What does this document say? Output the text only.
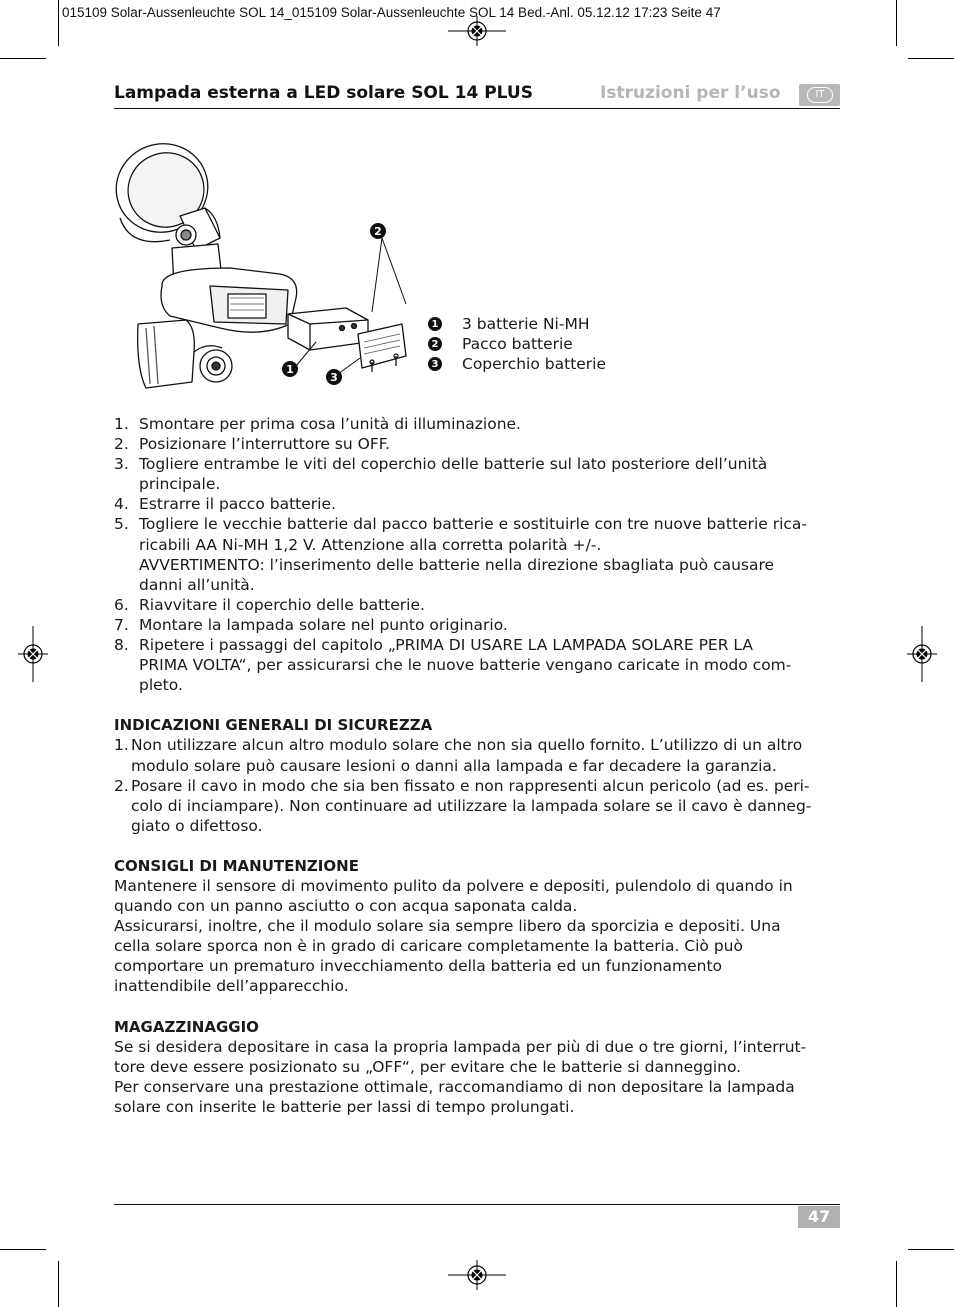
015109 Solar-Aussenleuchte SOL 14_015109 Solar-Aussenleuchte SOL 14 Bed.-Anl. 05.12.12 17:23 Seite 47
Lampada esterna a LED solare SOL 14 PLUS	Istruzioni per l’uso	IT
2
1
3
1 3 batterie Ni-MH
2 Pacco batterie
3 Coperchio batterie
1. Smontare per prima cosa l’unità di illuminazione.
2. Posizionare l’interruttore su OFF.
3. Togliere entrambe le viti del coperchio delle batterie sul lato posteriore dell’unità
principale.
4. Estrarre il pacco batterie.
5. Togliere le vecchie batterie dal pacco batterie e sostituirle con tre nuove batterie rica-
ricabili AA Ni-MH 1,2 V. Attenzione alla corretta polarità +/-.
AVVERTIMENTO: l’inserimento delle batterie nella direzione sbagliata può causare
danni all’unità.
6. Riavvitare il coperchio delle batterie.
7. Montare la lampada solare nel punto originario.
8. Ripetere i passaggi del capitolo „PRIMA DI USARE LA LAMPADA SOLARE PER LA
PRIMA VOLTA“, per assicurarsi che le nuove batterie vengano caricate in modo com-
pleto.
INDICAZIONI GENERALI DI SICUREZZA
1. Non utilizzare alcun altro modulo solare che non sia quello fornito. L’utilizzo di un altro
modulo solare può causare lesioni o danni alla lampada e far decadere la garanzia.
2. Posare il cavo in modo che sia ben fissato e non rappresenti alcun pericolo (ad es. peri-
colo di inciampare). Non continuare ad utilizzare la lampada solare se il cavo è danneg-
giato o difettoso.
CONSIGLI DI MANUTENZIONE
Mantenere il sensore di movimento pulito da polvere e depositi, pulendolo di quando in
quando con un panno asciutto o con acqua saponata calda.
Assicurarsi, inoltre, che il modulo solare sia sempre libero da sporcizia e depositi. Una
cella solare sporca non è in grado di caricare completamente la batteria. Ciò può
comportare un prematuro invecchiamento della batteria ed un funzionamento
inattendibile dell’apparecchio.
MAGAZZINAGGIO
Se si desidera depositare in casa la propria lampada per più di due o tre giorni, l’interrut-
tore deve essere posizionato su „OFF“, per evitare che le batterie si danneggino.
Per conservare una prestazione ottimale, raccomandiamo di non depositare la lampada
solare con inserite le batterie per lassi di tempo prolungati.
47
